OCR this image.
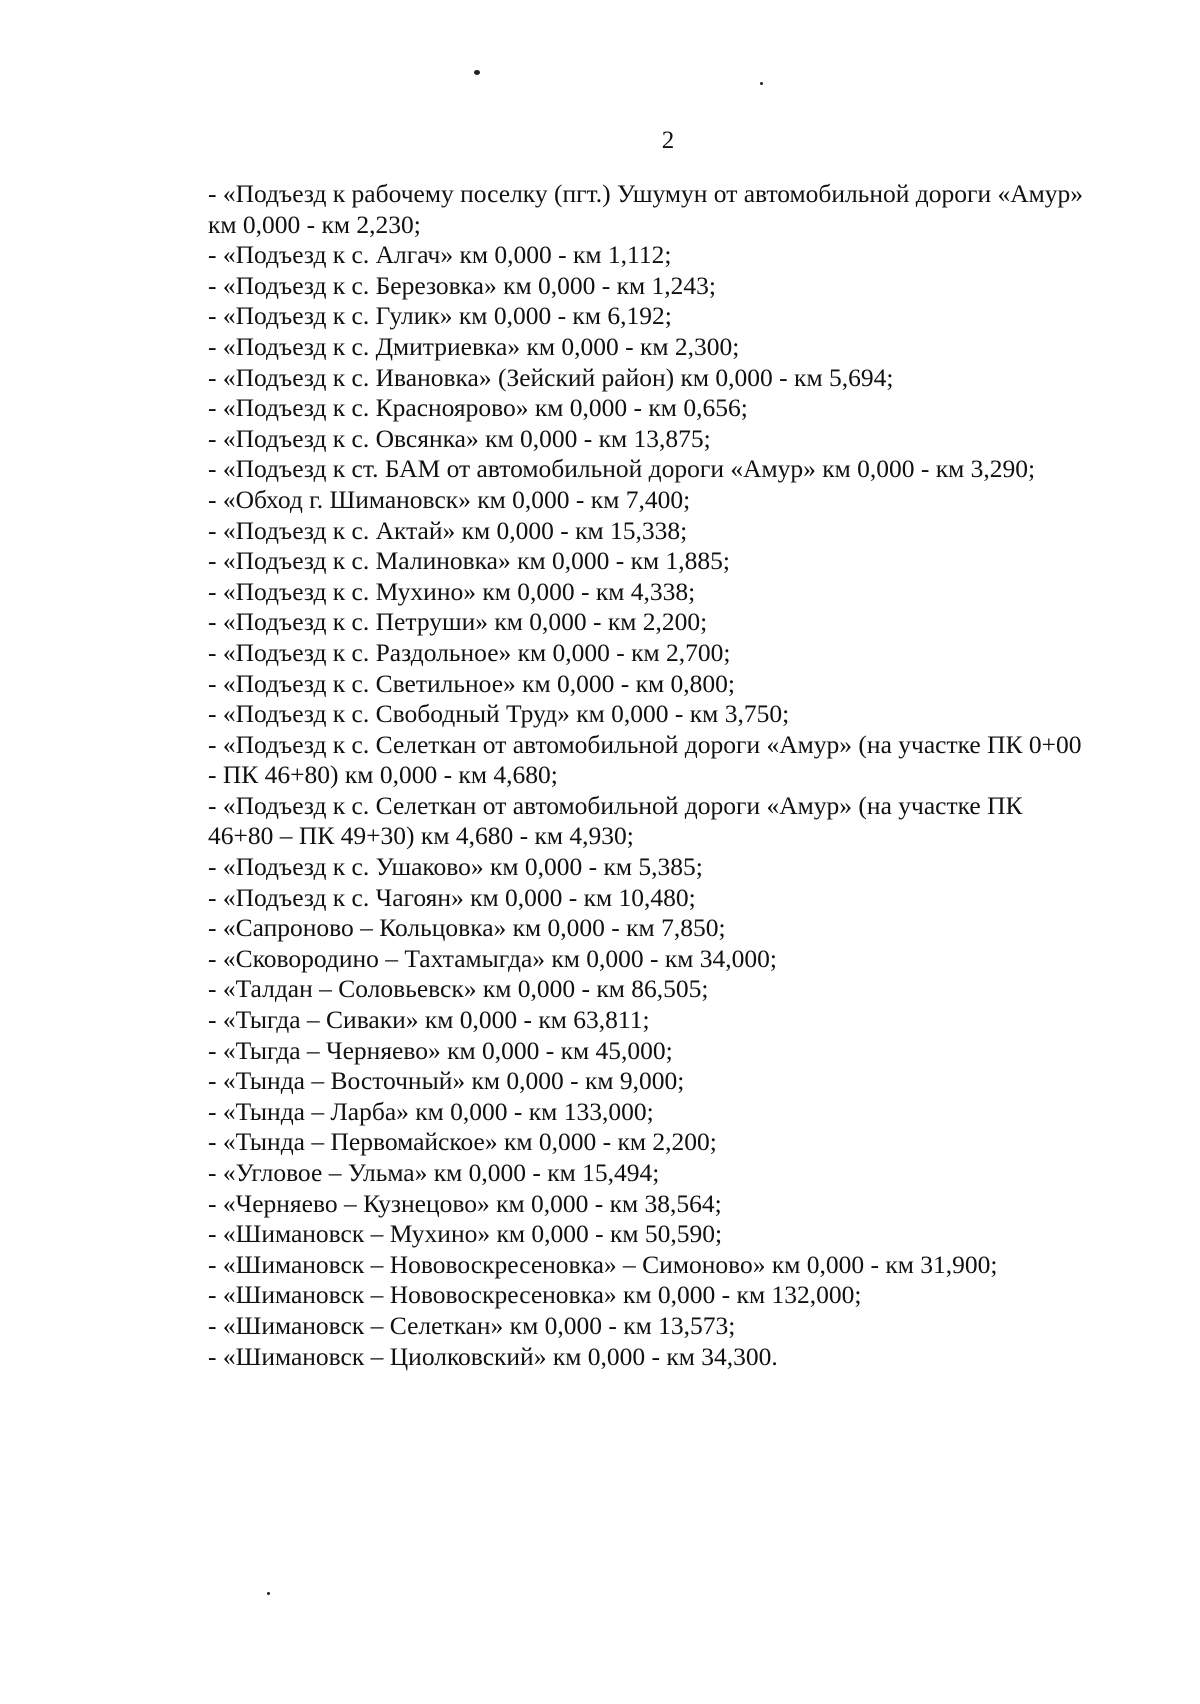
2

- «Подъезд к рабочему поселку (пгт.) Ушумун от автомобильной дороги «Амур»

км 0,000 - км 2,230;

- «Подъезд к с. Алгач» км 0,000 - км 1,112;

- «Подъезд к с. Березовка» км 0,000 - км 1,243;

- «Подъезд к с. Гулик» км 0,000 - км 6,192;

- «Подъезд к с. Дмитриевка» км 0,000 - км 2,300;

- «Подъезд к с. Ивановка» (Зейский район) км 0,000 - км 5,694;

- «Подъезд к с. Красноярово» км 0,000 - км 0,656;

- «Подъезд к с. Овсянка» км 0,000 - км 13,875;

- «Подъезд к ст. БАМ от автомобильной дороги «Амур» км 0,000 - км 3,290;

- «Обход г. Шимановск» км 0,000 - км 7,400;

- «Подъезд к с. Актай» км 0,000 - км 15,338;

- «Подъезд к с. Малиновка» км 0,000 - км 1,885;

- «Подъезд к с. Мухино» км 0,000 - км 4,338;

- «Подъезд к с. Петруши» км 0,000 - км 2,200;

- «Подъезд к с. Раздольное» км 0,000 - км 2,700;

- «Подъезд к с. Светильное» км 0,000 - км 0,800;

- «Подъезд к с. Свободный Труд» км 0,000 - км 3,750;

- «Подъезд к с. Селеткан от автомобильной дороги «Амур» (на участке ПК 0+00

- ПК 46+80) км 0,000 - км 4,680;

- «Подъезд к с. Селеткан от автомобильной дороги «Амур» (на участке ПК

46+80 – ПК 49+30) км 4,680 - км 4,930;

- «Подъезд к с. Ушаково» км 0,000 - км 5,385;

- «Подъезд к с. Чагоян» км 0,000 - км 10,480;

- «Сапроново – Кольцовка» км 0,000 - км 7,850;

- «Сковородино – Тахтамыгда» км 0,000 - км 34,000;

- «Талдан – Соловьевск» км 0,000 - км 86,505;

- «Тыгда – Сиваки» км 0,000 - км 63,811;

- «Тыгда – Черняево» км 0,000 - км 45,000;

- «Тында – Восточный» км 0,000 - км 9,000;

- «Тында – Ларба» км 0,000 - км 133,000;

- «Тында – Первомайское» км 0,000 - км 2,200;

- «Угловое – Ульма» км 0,000 - км 15,494;

- «Черняево – Кузнецово» км 0,000 - км 38,564;

- «Шимановск – Мухино» км 0,000 - км 50,590;

- «Шимановск – Нововоскресеновка» – Симоново» км 0,000 - км 31,900;

- «Шимановск – Нововоскресеновка» км 0,000 - км 132,000;

- «Шимановск – Селеткан» км 0,000 - км 13,573;

- «Шимановск – Циолковский» км 0,000 - км 34,300.
